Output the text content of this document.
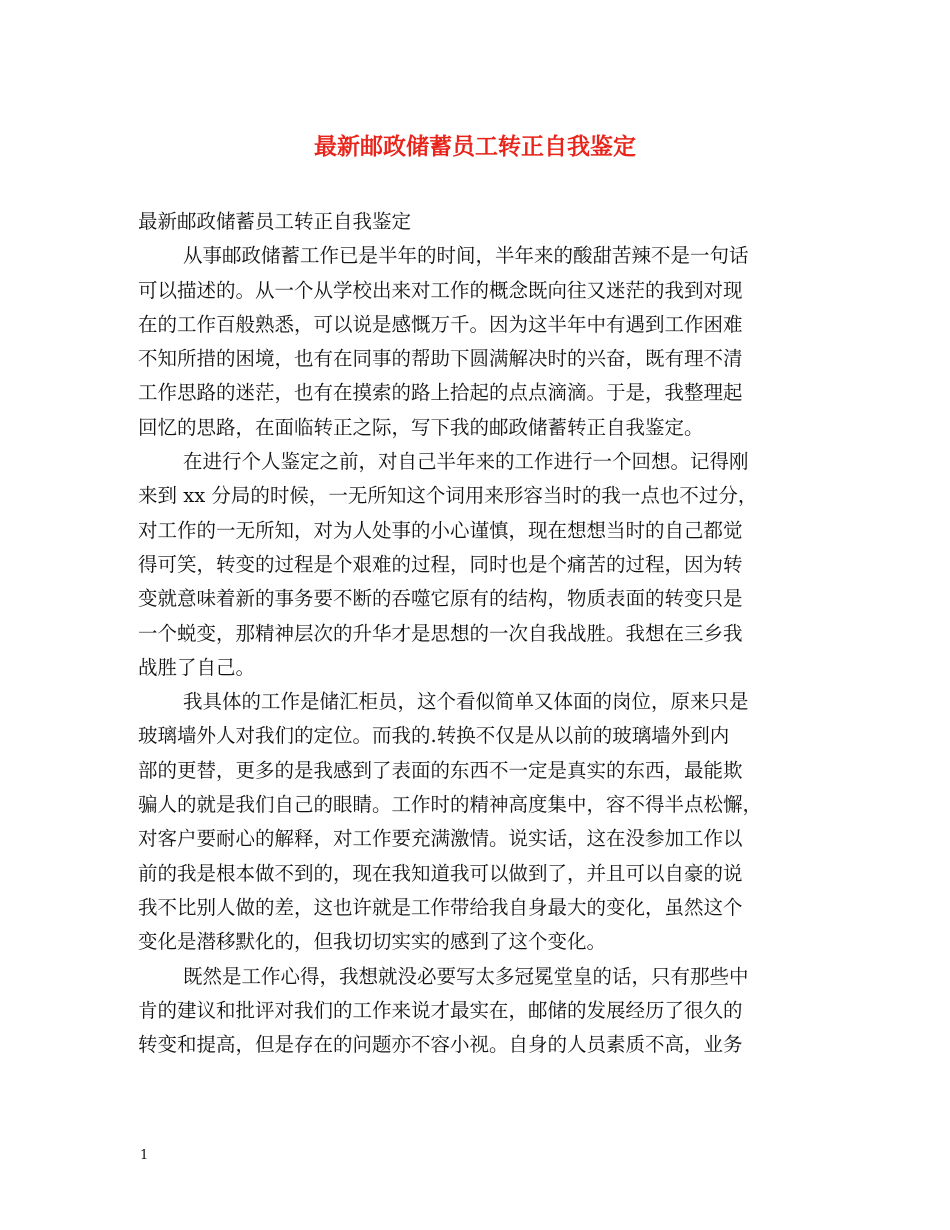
最新邮政储蓄员工转正自我鉴定

最新邮政储蓄员工转正自我鉴定

从事邮政储蓄工作已是半年的时间，半年来的酸甜苦辣不是一句话
可以描述的。从一个从学校出来对工作的概念既向往又迷茫的我到对现
在的工作百般熟悉，可以说是感慨万千。因为这半年中有遇到工作困难
不知所措的困境，也有在同事的帮助下圆满解决时的兴奋，既有理不清
工作思路的迷茫，也有在摸索的路上拾起的点点滴滴。于是，我整理起
回忆的思路，在面临转正之际，写下我的邮政储蓄转正自我鉴定。

在进行个人鉴定之前，对自己半年来的工作进行一个回想。记得刚
来到 xx 分局的时候，一无所知这个词用来形容当时的我一点也不过分，
对工作的一无所知，对为人处事的小心谨慎，现在想想当时的自己都觉
得可笑，转变的过程是个艰难的过程，同时也是个痛苦的过程，因为转
变就意味着新的事务要不断的吞噬它原有的结构，物质表面的转变只是
一个蜕变，那精神层次的升华才是思想的一次自我战胜。我想在三乡我
战胜了自己。

我具体的工作是储汇柜员，这个看似简单又体面的岗位，原来只是
玻璃墙外人对我们的定位。而我的.转换不仅是从以前的玻璃墙外到内
部的更替，更多的是我感到了表面的东西不一定是真实的东西，最能欺
骗人的就是我们自己的眼睛。工作时的精神高度集中，容不得半点松懈，
对客户要耐心的解释，对工作要充满激情。说实话，这在没参加工作以
前的我是根本做不到的，现在我知道我可以做到了，并且可以自豪的说
我不比别人做的差，这也许就是工作带给我自身最大的变化，虽然这个
变化是潜移默化的，但我切切实实的感到了这个变化。

既然是工作心得，我想就没必要写太多冠冕堂皇的话，只有那些中
肯的建议和批评对我们的工作来说才最实在，邮储的发展经历了很久的
转变和提高，但是存在的问题亦不容小视。自身的人员素质不高，业务

1
